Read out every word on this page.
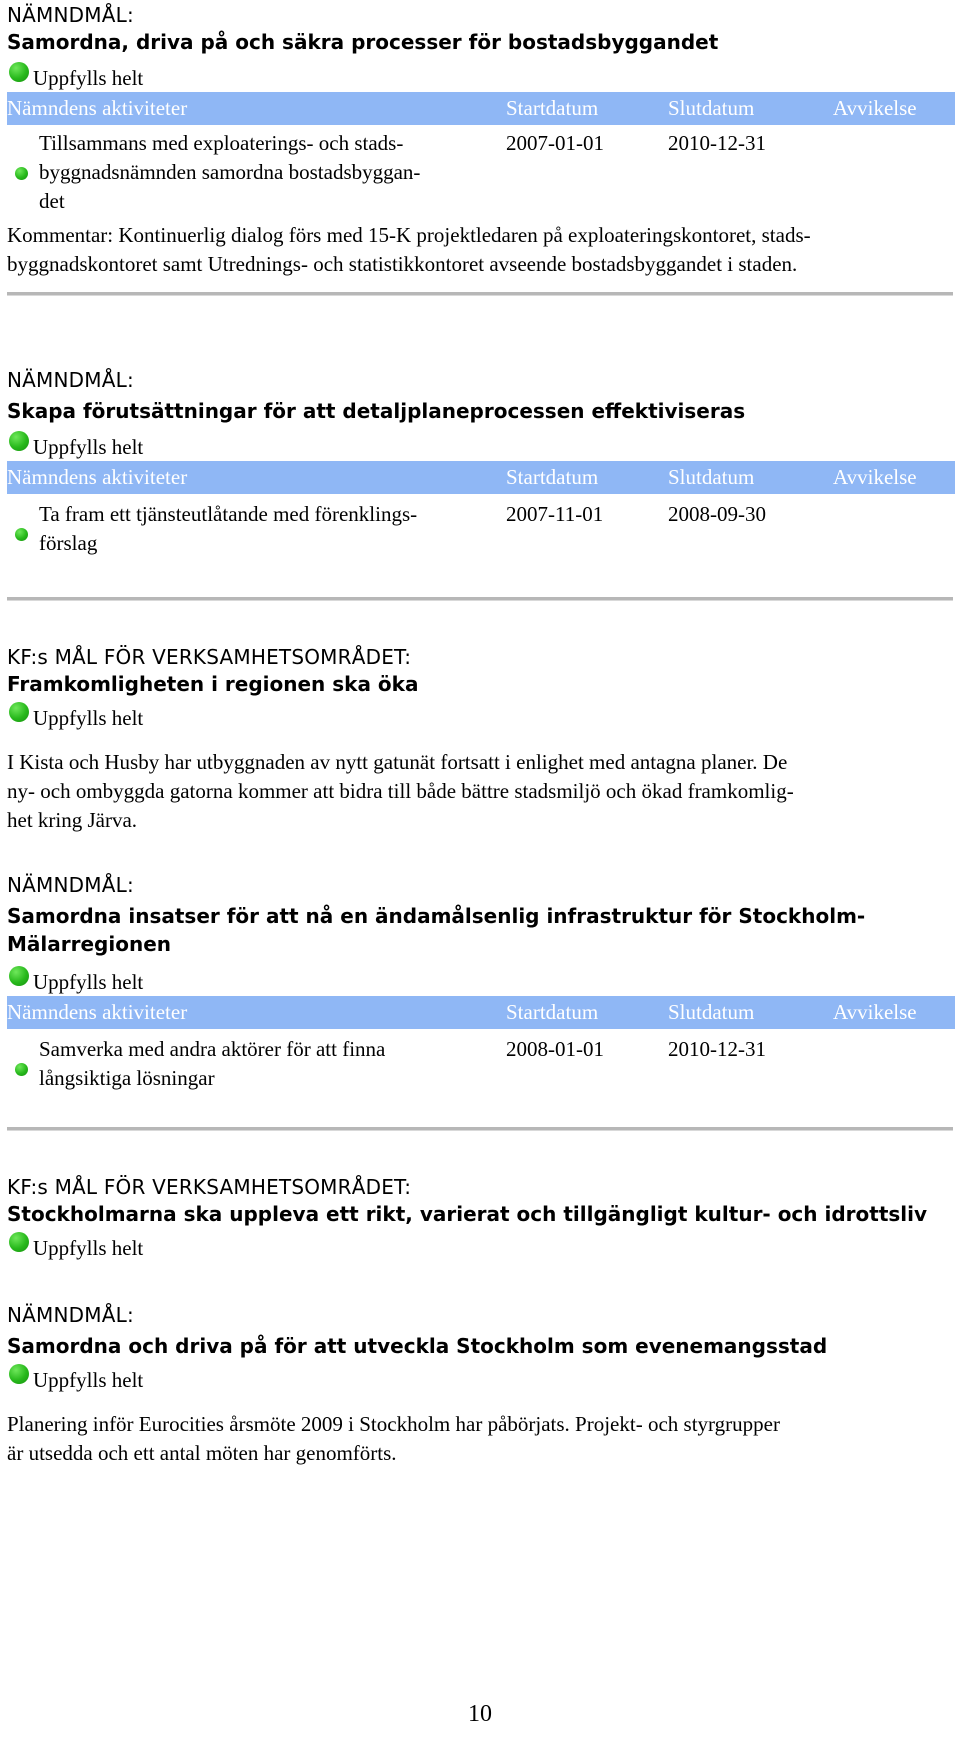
NÄMNDMÅL:
Samordna, driva på och säkra processer för bostadsbyggandet
Uppfylls helt
Nämndens aktiviteter	Startdatum	Slutdatum	Avvikelse
Tillsammans med exploaterings- och stads-
byggnadsnämnden samordna bostadsbyggan-
det
2007-01-01	2010-12-31
Kommentar: Kontinuerlig dialog förs med 15-K projektledaren på exploateringskontoret, stads-
byggnadskontoret samt Utrednings- och statistikkontoret avseende bostadsbyggandet i staden.
NÄMNDMÅL:
Skapa förutsättningar för att detaljplaneprocessen effektiviseras
Uppfylls helt
Nämndens aktiviteter	Startdatum	Slutdatum	Avvikelse
Ta fram ett tjänsteutlåtande med förenklings-
förslag
2007-11-01	2008-09-30
KF:s MÅL FÖR VERKSAMHETSOMRÅDET:
Framkomligheten i regionen ska öka
Uppfylls helt
I Kista och Husby har utbyggnaden av nytt gatunät fortsatt i enlighet med antagna planer. De
ny- och ombyggda gatorna kommer att bidra till både bättre stadsmiljö och ökad framkomlig-
het kring Järva.
NÄMNDMÅL:
Samordna insatser för att nå en ändamålsenlig infrastruktur för Stockholm-
Mälarregionen
Uppfylls helt
Nämndens aktiviteter	Startdatum	Slutdatum	Avvikelse
Samverka med andra aktörer för att finna
långsiktiga lösningar
2008-01-01	2010-12-31
KF:s MÅL FÖR VERKSAMHETSOMRÅDET:
Stockholmarna ska uppleva ett rikt, varierat och tillgängligt kultur- och idrottsliv
Uppfylls helt
NÄMNDMÅL:
Samordna och driva på för att utveckla Stockholm som evenemangsstad
Uppfylls helt
Planering inför Eurocities årsmöte 2009 i Stockholm har påbörjats. Projekt- och styrgrupper
är utsedda och ett antal möten har genomförts.
10
